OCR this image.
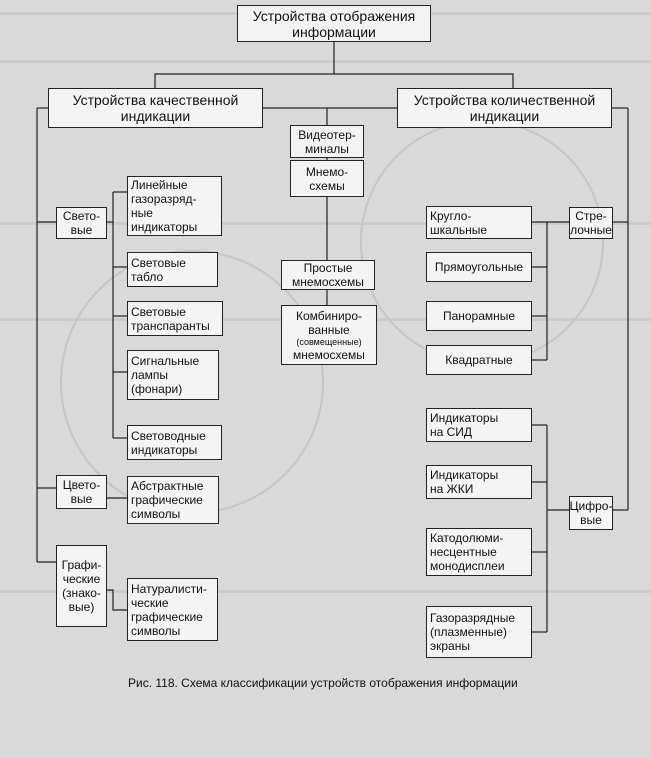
Устройства отображения
информации
Устройства качественной
индикации
Свето-
вые
Цвето-
вые
Графи-
ческие
(знако-
вые)
Линейные
газоразряд-
ные
индикаторы
Световые
табло
Световые
транспаранты
Сигнальные
лампы
(фонари)
Световодные
индикаторы
Абстрактные
графические
символы
Натуралисти-
ческие
графические
символы
Видеотер-
миналы
Мнемо-
схемы
Простые
мнемосхемы
Комбиниро-
ванные
(совмещенные)
мнемосхемы
Устройства количественной
индикации
Стре-
лочные
Цифро-
вые
Кругло-
шкальные
Прямоугольные
Панорамные
Квадратные
Индикаторы
на СИД
Индикаторы
на ЖКИ
Катодолюми-
несцентные
монодисплеи
Газоразрядные
(плазменные)
экраны
Рис. 118. Схема классификации устройств отображения информации
